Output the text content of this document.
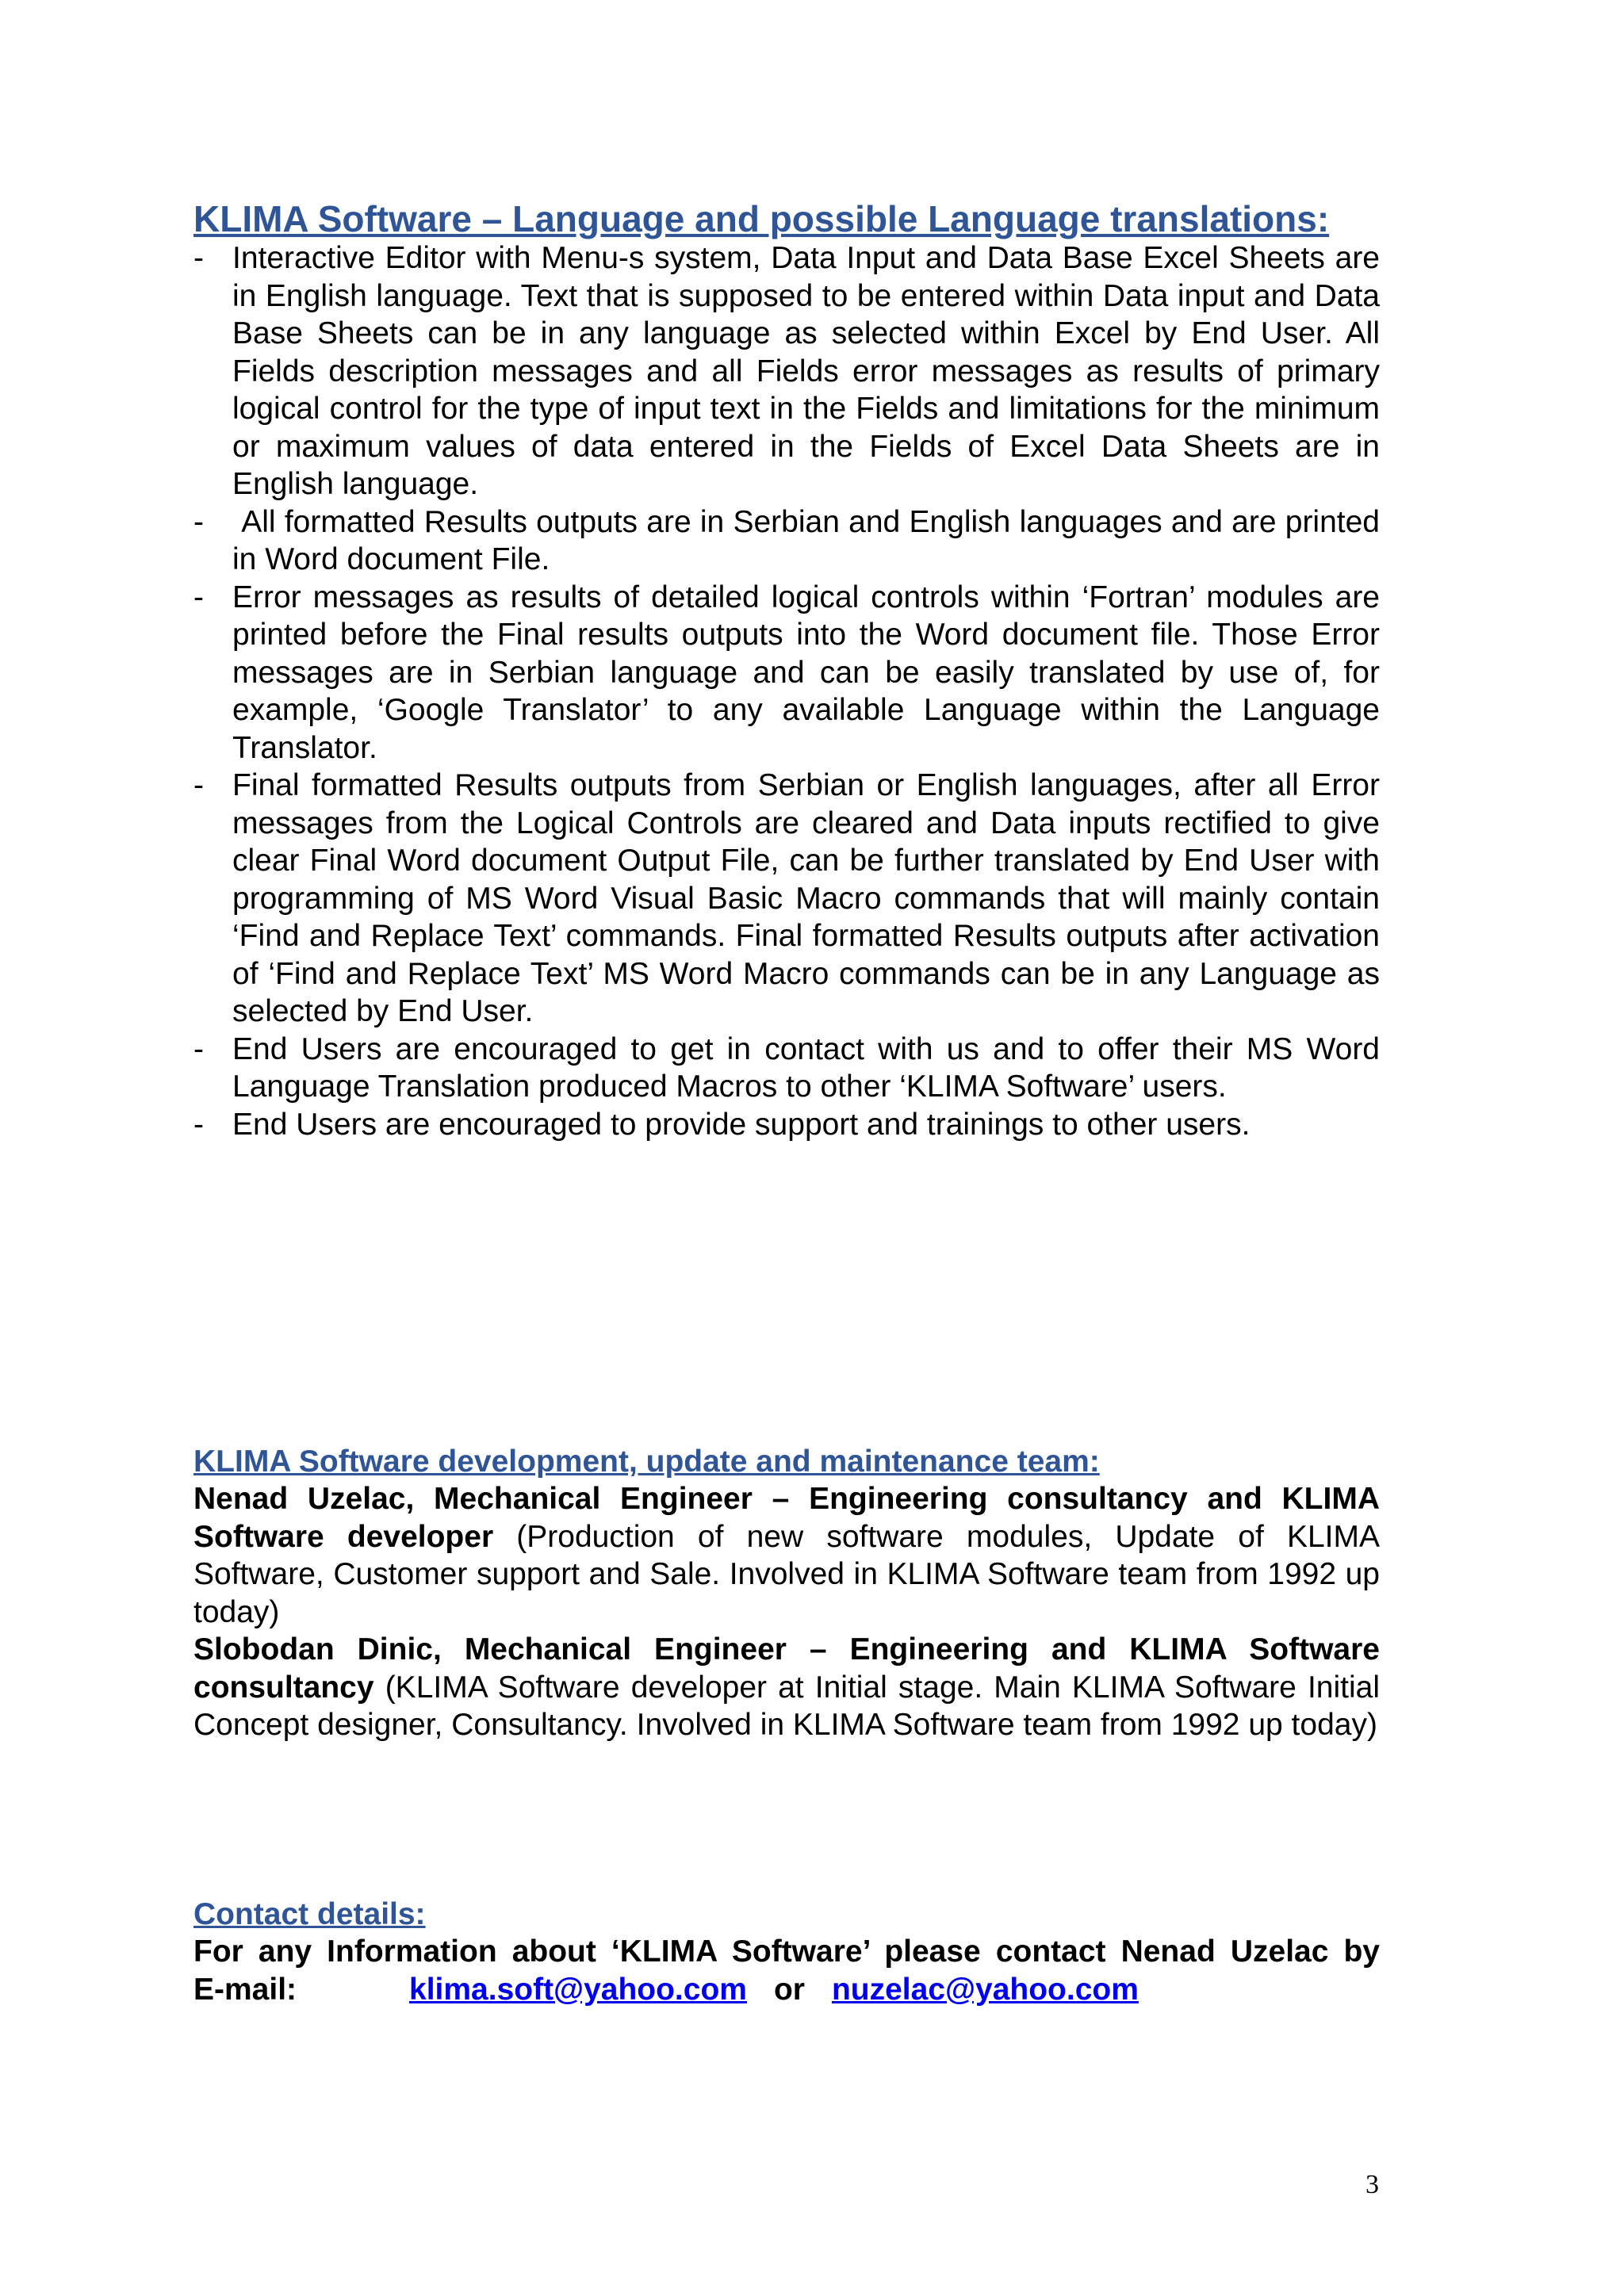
KLIMA Software – Language and possible Language translations:
- Interactive Editor with Menu-s system, Data Input and Data Base Excel Sheets are in English language. Text that is supposed to be entered within Data input and Data Base Sheets can be in any language as selected within Excel by End User. All Fields description messages and all Fields error messages as results of primary logical control for the type of input text in the Fields and limitations for the minimum or maximum values of data entered in the Fields of Excel Data Sheets are in English language.
- All formatted Results outputs are in Serbian and English languages and are printed in Word document File.
- Error messages as results of detailed logical controls within ‘Fortran’ modules are printed before the Final results outputs into the Word document file. Those Error messages are in Serbian language and can be easily translated by use of, for example, ‘Google Translator’ to any available Language within the Language Translator.
- Final formatted Results outputs from Serbian or English languages, after all Error messages from the Logical Controls are cleared and Data inputs rectified to give clear Final Word document Output File, can be further translated by End User with programming of MS Word Visual Basic Macro commands that will mainly contain ‘Find and Replace Text’ commands. Final formatted Results outputs after activation of ‘Find and Replace Text’ MS Word Macro commands can be in any Language as selected by End User.
- End Users are encouraged to get in contact with us and to offer their MS Word Language Translation produced Macros to other ‘KLIMA Software’ users.
- End Users are encouraged to provide support and trainings to other users.
KLIMA Software development, update and maintenance team:

Nenad Uzelac, Mechanical Engineer – Engineering consultancy and KLIMA Software developer (Production of new software modules, Update of KLIMA Software, Customer support and Sale. Involved in KLIMA Software team from 1992 up today)

Slobodan Dinic, Mechanical Engineer – Engineering and KLIMA Software consultancy (KLIMA Software developer at Initial stage. Main KLIMA Software Initial Concept designer, Consultancy. Involved in KLIMA Software team from 1992 up today)

Contact details:
For any Information about ‘KLIMA Software’ please contact Nenad Uzelac by
E-mail:	klima.soft@yahoo.com or nuzelac@yahoo.com
3
